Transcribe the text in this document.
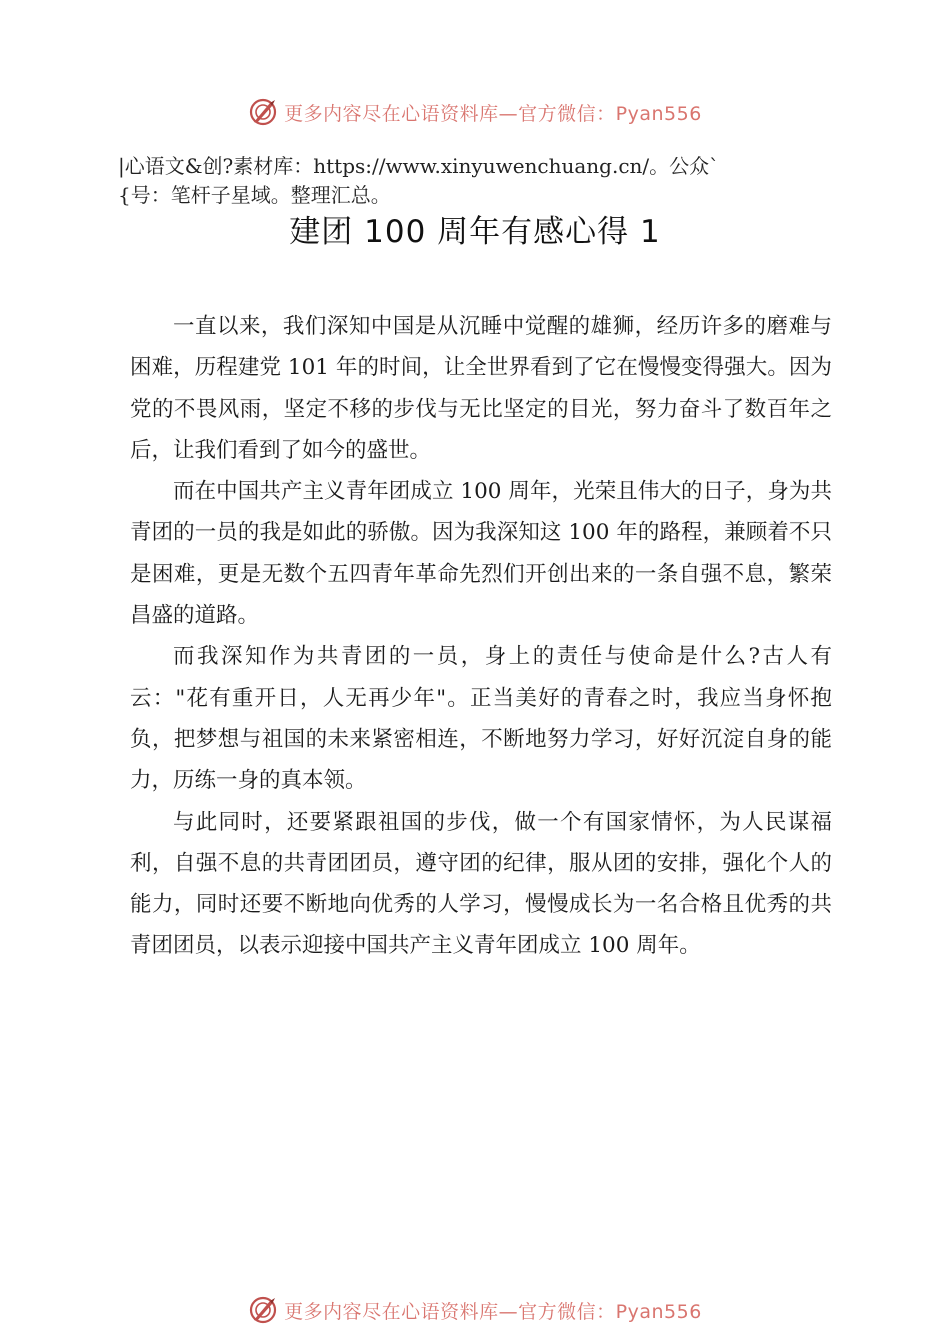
更多内容尽在心语资料库—官方微信：Pyan556
|心语文&创?素材库：https://www.xinyuwenchuang.cn/。公众`
{号：笔杆子星域。整理汇总。
建团 100 周年有感心得 1

一直以来，我们深知中国是从沉睡中觉醒的雄狮，经历许多的磨难与困难，历程建党 101 年的时间，让全世界看到了它在慢慢变得强大。因为党的不畏风雨，坚定不移的步伐与无比坚定的目光，努力奋斗了数百年之后，让我们看到了如今的盛世。

而在中国共产主义青年团成立 100 周年，光荣且伟大的日子，身为共青团的一员的我是如此的骄傲。因为我深知这 100 年的路程，兼顾着不只是困难，更是无数个五四青年革命先烈们开创出来的一条自强不息，繁荣昌盛的道路。

而我深知作为共青团的一员，身上的责任与使命是什么?古人有云："花有重开日，人无再少年"。正当美好的青春之时，我应当身怀抱负，把梦想与祖国的未来紧密相连，不断地努力学习，好好沉淀自身的能力，历练一身的真本领。

与此同时，还要紧跟祖国的步伐，做一个有国家情怀，为人民谋福利，自强不息的共青团团员，遵守团的纪律，服从团的安排，强化个人的能力，同时还要不断地向优秀的人学习，慢慢成长为一名合格且优秀的共青团团员，以表示迎接中国共产主义青年团成立 100 周年。

更多内容尽在心语资料库—官方微信：Pyan556
